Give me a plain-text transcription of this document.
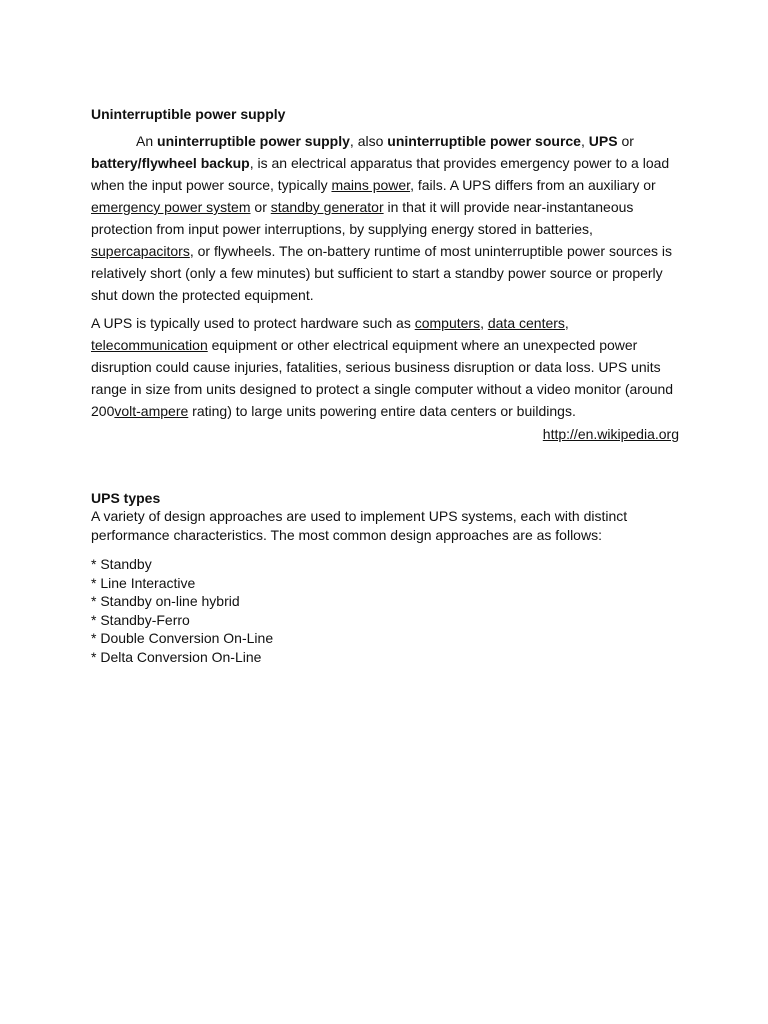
Uninterruptible power supply

An uninterruptible power supply, also uninterruptible power source, UPS or battery/flywheel backup, is an electrical apparatus that provides emergency power to a load when the input power source, typically mains power, fails. A UPS differs from an auxiliary or emergency power system or standby generator in that it will provide near-instantaneous protection from input power interruptions, by supplying energy stored in batteries, supercapacitors, or flywheels. The on-battery runtime of most uninterruptible power sources is relatively short (only a few minutes) but sufficient to start a standby power source or properly shut down the protected equipment.

A UPS is typically used to protect hardware such as computers, data centers, telecommunication equipment or other electrical equipment where an unexpected power disruption could cause injuries, fatalities, serious business disruption or data loss. UPS units range in size from units designed to protect a single computer without a video monitor (around 200volt-ampere rating) to large units powering entire data centers or buildings.

http://en.wikipedia.org
UPS types

A variety of design approaches are used to implement UPS systems, each with distinct performance characteristics. The most common design approaches are as follows:

* Standby
* Line Interactive
* Standby on-line hybrid
* Standby-Ferro
* Double Conversion On-Line
* Delta Conversion On-Line
